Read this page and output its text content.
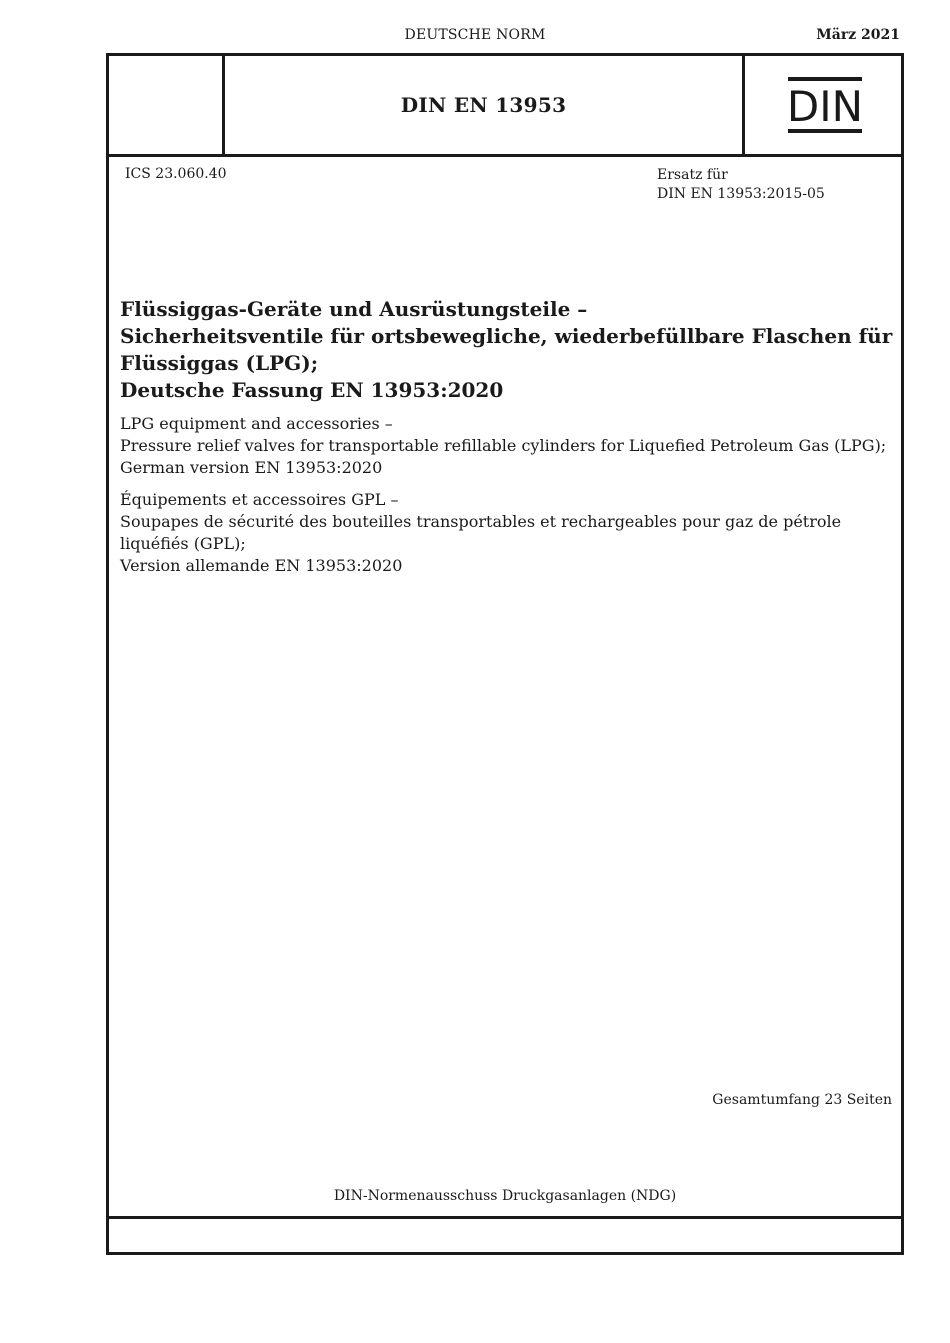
DEUTSCHE NORM	März 2021
DIN EN 13953	DIN
ICS 23.060.40	Ersatz für
DIN EN 13953:2015-05
Flüssiggas-Geräte und Ausrüstungsteile –
Sicherheitsventile für ortsbewegliche, wiederbefüllbare Flaschen für
Flüssiggas (LPG);
Deutsche Fassung EN 13953:2020
LPG equipment and accessories –
Pressure relief valves for transportable refillable cylinders for Liquefied Petroleum Gas (LPG);
German version EN 13953:2020
Équipements et accessoires GPL –
Soupapes de sécurité des bouteilles transportables et rechargeables pour gaz de pétrole
liquéfiés (GPL);
Version allemande EN 13953:2020
Gesamtumfang 23 Seiten
DIN-Normenausschuss Druckgasanlagen (NDG)
